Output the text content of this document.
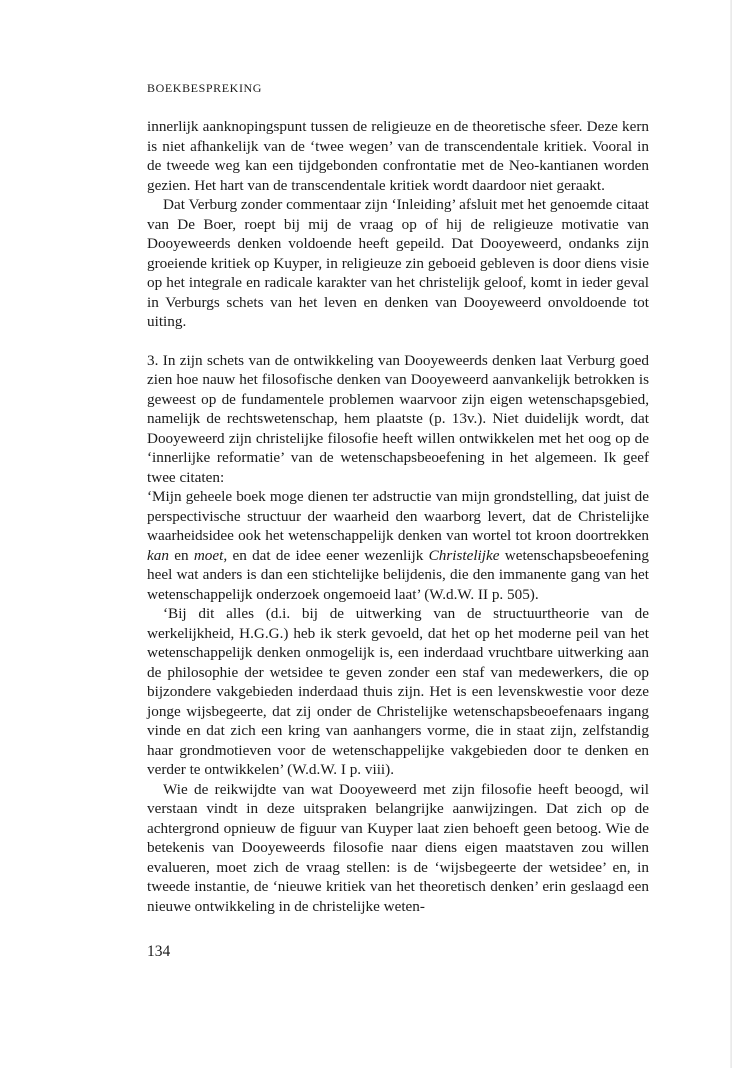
BOEKBESPREKING

innerlijk aanknopingspunt tussen de religieuze en de theoretische sfeer. Deze kern is niet afhankelijk van de ‘twee wegen’ van de transcendentale kritiek. Vooral in de tweede weg kan een tijdgebonden confrontatie met de Neo-kantianen worden gezien. Het hart van de transcendentale kritiek wordt daardoor niet geraakt.

Dat Verburg zonder commentaar zijn ‘Inleiding’ afsluit met het genoemde citaat van De Boer, roept bij mij de vraag op of hij de religieuze motivatie van Dooyeweerds denken voldoende heeft gepeild. Dat Dooyeweerd, ondanks zijn groeiende kritiek op Kuyper, in religieuze zin geboeid gebleven is door diens visie op het integrale en radicale karakter van het christelijk geloof, komt in ieder geval in Verburgs schets van het leven en denken van Dooyeweerd onvoldoende tot uiting.

3. In zijn schets van de ontwikkeling van Dooyeweerds denken laat Verburg goed zien hoe nauw het filosofische denken van Dooyeweerd aanvankelijk betrokken is geweest op de fundamentele problemen waarvoor zijn eigen wetenschapsgebied, namelijk de rechtswetenschap, hem plaatste (p. 13v.). Niet duidelijk wordt, dat Dooyeweerd zijn christelijke filosofie heeft willen ontwikkelen met het oog op de ‘innerlijke reformatie’ van de wetenschapsbeoefening in het algemeen. Ik geef twee citaten:

‘Mijn geheele boek moge dienen ter adstructie van mijn grondstelling, dat juist de perspectivische structuur der waarheid den waarborg levert, dat de Christelijke waarheidsidee ook het wetenschappelijk denken van wortel tot kroon doortrekken kan en moet, en dat de idee eener wezenlijk Christelijke wetenschapsbeoefening heel wat anders is dan een stichtelijke belijdenis, die den immanente gang van het wetenschappelijk onderzoek ongemoeid laat’ (W.d.W. II p. 505).

‘Bij dit alles (d.i. bij de uitwerking van de structuurtheorie van de werkelijkheid, H.G.G.) heb ik sterk gevoeld, dat het op het moderne peil van het wetenschappelijk denken onmogelijk is, een inderdaad vruchtbare uitwerking aan de philosophie der wetsidee te geven zonder een staf van medewerkers, die op bijzondere vakgebieden inderdaad thuis zijn. Het is een levenskwestie voor deze jonge wijsbegeerte, dat zij onder de Christelijke wetenschapsbeoefenaars ingang vinde en dat zich een kring van aanhangers vorme, die in staat zijn, zelfstandig haar grondmotieven voor de wetenschappelijke vakgebieden door te denken en verder te ontwikkelen’ (W.d.W. I p. viii).

Wie de reikwijdte van wat Dooyeweerd met zijn filosofie heeft beoogd, wil verstaan vindt in deze uitspraken belangrijke aanwijzingen. Dat zich op de achtergrond opnieuw de figuur van Kuyper laat zien behoeft geen betoog. Wie de betekenis van Dooyeweerds filosofie naar diens eigen maatstaven zou willen evalueren, moet zich de vraag stellen: is de ‘wijsbegeerte der wetsidee’ en, in tweede instantie, de ‘nieuwe kritiek van het theoretisch denken’ erin geslaagd een nieuwe ontwikkeling in de christelijke weten-

134
